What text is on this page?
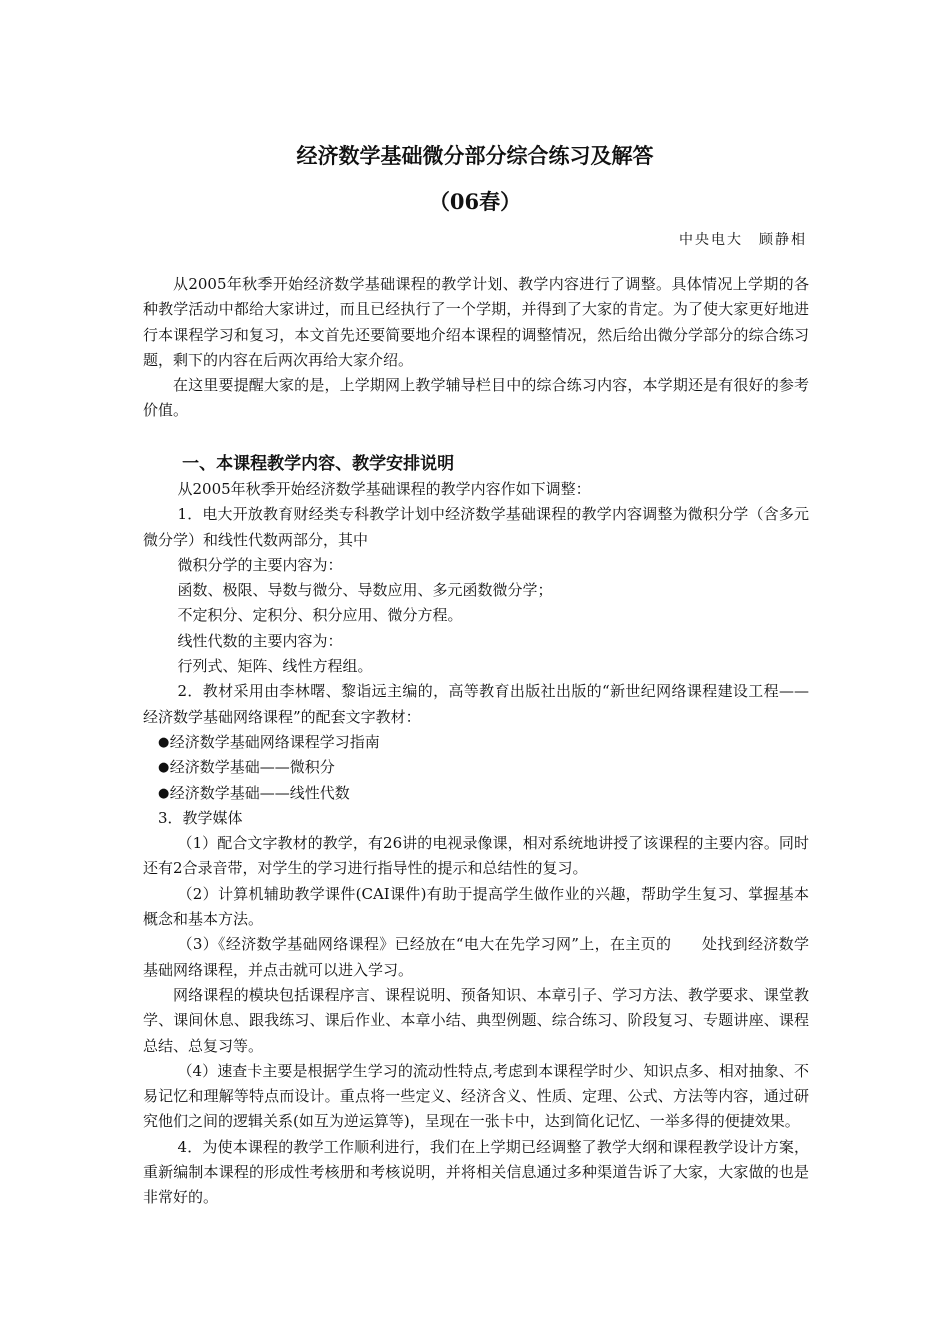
经济数学基础微分部分综合练习及解答
（06春）

中央电大　顾静相

从2005年秋季开始经济数学基础课程的教学计划、教学内容进行了调整。具体情况上学期的各种教学活动中都给大家讲过，而且已经执行了一个学期，并得到了大家的肯定。为了使大家更好地进行本课程学习和复习，本文首先还要简要地介绍本课程的调整情况，然后给出微分学部分的综合练习题，剩下的内容在后两次再给大家介绍。

在这里要提醒大家的是，上学期网上教学辅导栏目中的综合练习内容，本学期还是有很好的参考价值。

一、本课程教学内容、教学安排说明

从2005年秋季开始经济数学基础课程的教学内容作如下调整：

1．电大开放教育财经类专科教学计划中经济数学基础课程的教学内容调整为微积分学（含多元微分学）和线性代数两部分，其中

微积分学的主要内容为：

函数、极限、导数与微分、导数应用、多元函数微分学；

不定积分、定积分、积分应用、微分方程。

线性代数的主要内容为：

行列式、矩阵、线性方程组。

2．教材采用由李林曙、黎诣远主编的，高等教育出版社出版的“新世纪网络课程建设工程——经济数学基础网络课程”的配套文字教材：

● 经济数学基础网络课程学习指南
● 经济数学基础——微积分
● 经济数学基础——线性代数

3．教学媒体

（1）配合文字教材的教学，有26讲的电视录像课，相对系统地讲授了该课程的主要内容。同时还有2合录音带，对学生的学习进行指导性的提示和总结性的复习。

（2）计算机辅助教学课件(CAI课件)有助于提高学生做作业的兴趣，帮助学生复习、掌握基本概念和基本方法。

（3）《经济数学基础网络课程》已经放在“电大在先学习网”上，在主页的　　处找到经济数学基础网络课程，并点击就可以进入学习。

网络课程的模块包括课程序言、课程说明、预备知识、本章引子、学习方法、教学要求、课堂教学、课间休息、跟我练习、课后作业、本章小结、典型例题、综合练习、阶段复习、专题讲座、课程总结、总复习等。

（4）速查卡主要是根据学生学习的流动性特点,考虑到本课程学时少、知识点多、相对抽象、不易记忆和理解等特点而设计。重点将一些定义、经济含义、性质、定理、公式、方法等内容，通过研究他们之间的逻辑关系(如互为逆运算等)，呈现在一张卡中，达到简化记忆、一举多得的便捷效果。

4．为使本课程的教学工作顺利进行，我们在上学期已经调整了教学大纲和课程教学设计方案，重新编制本课程的形成性考核册和考核说明，并将相关信息通过多种渠道告诉了大家，大家做的也是非常好的。
